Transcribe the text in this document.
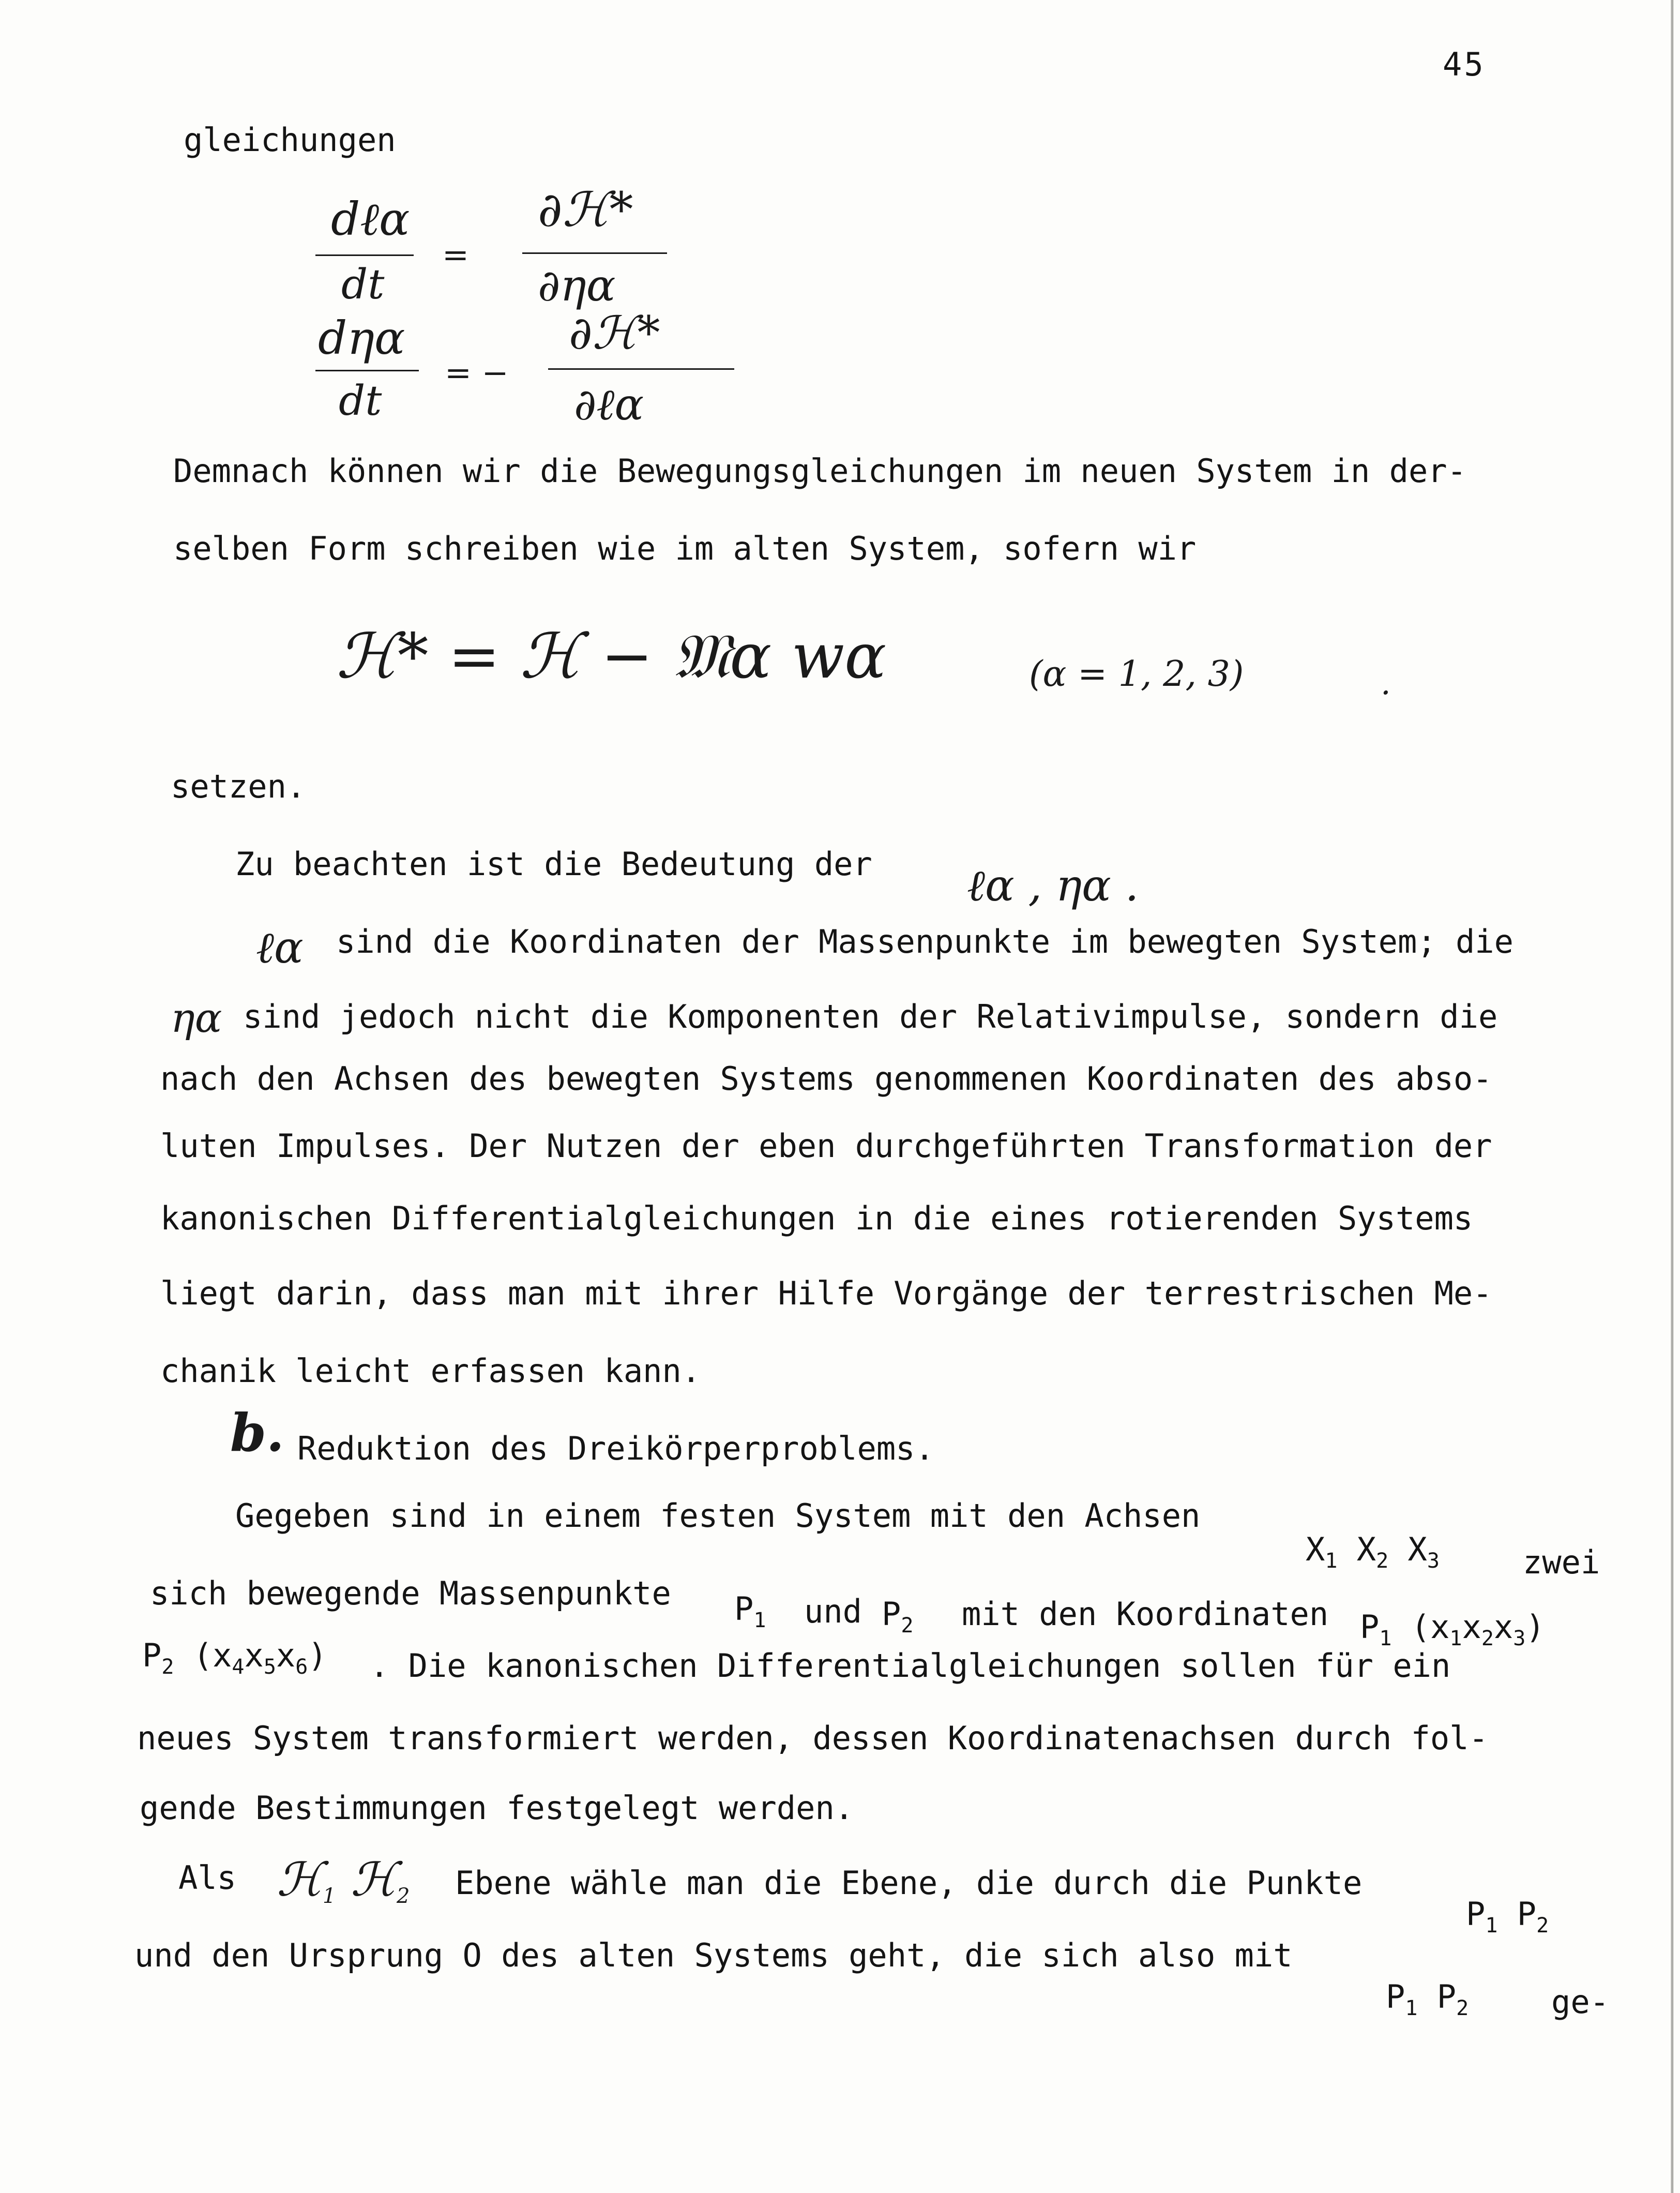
45
gleichungen
dℓα
dt
=
∂ℋ*
∂ηα
dηα
dt
= −
∂ℋ*
∂ℓα
Demnach können wir die Bewegungsgleichungen im neuen System in der-
selben Form schreiben wie im alten System, sofern wir
ℋ* = ℋ − 𝔐α wα	(α = 1, 2, 3)	.
setzen.
Zu beachten ist die Bedeutung der ℓα , ηα .
ℓα sind die Koordinaten der Massenpunkte im bewegten System; die
ηα sind jedoch nicht die Komponenten der Relativimpulse, sondern die
nach den Achsen des bewegten Systems genommenen Koordinaten des abso-
luten Impulses. Der Nutzen der eben durchgeführten Transformation der
kanonischen Differentialgleichungen in die eines rotierenden Systems
liegt darin, dass man mit ihrer Hilfe Vorgänge der terrestrischen Me-
chanik leicht erfassen kann.
b. Reduktion des Dreikörperproblems.
Gegeben sind in einem festen System mit den Achsen
$X_1$ $X_2$ $X_3$	zwei
sich bewegende Massenpunkte $P_1$ und $P_2$ mit den Koordinaten $P_1$ $(x_1x_2x_3)$
$P_2$ $(x_4x_5x_6)$ . Die kanonischen Differentialgleichungen sollen für ein
neues System transformiert werden, dessen Koordinatenachsen durch fol-
gende Bestimmungen festgelegt werden.
Als ℋ$_1$ ℋ$_2$ Ebene wähle man die Ebene, die durch die Punkte
$P_1$ $P_2$
und den Ursprung O des alten Systems geht, die sich also mit
$P_1$ $P_2$	ge-
